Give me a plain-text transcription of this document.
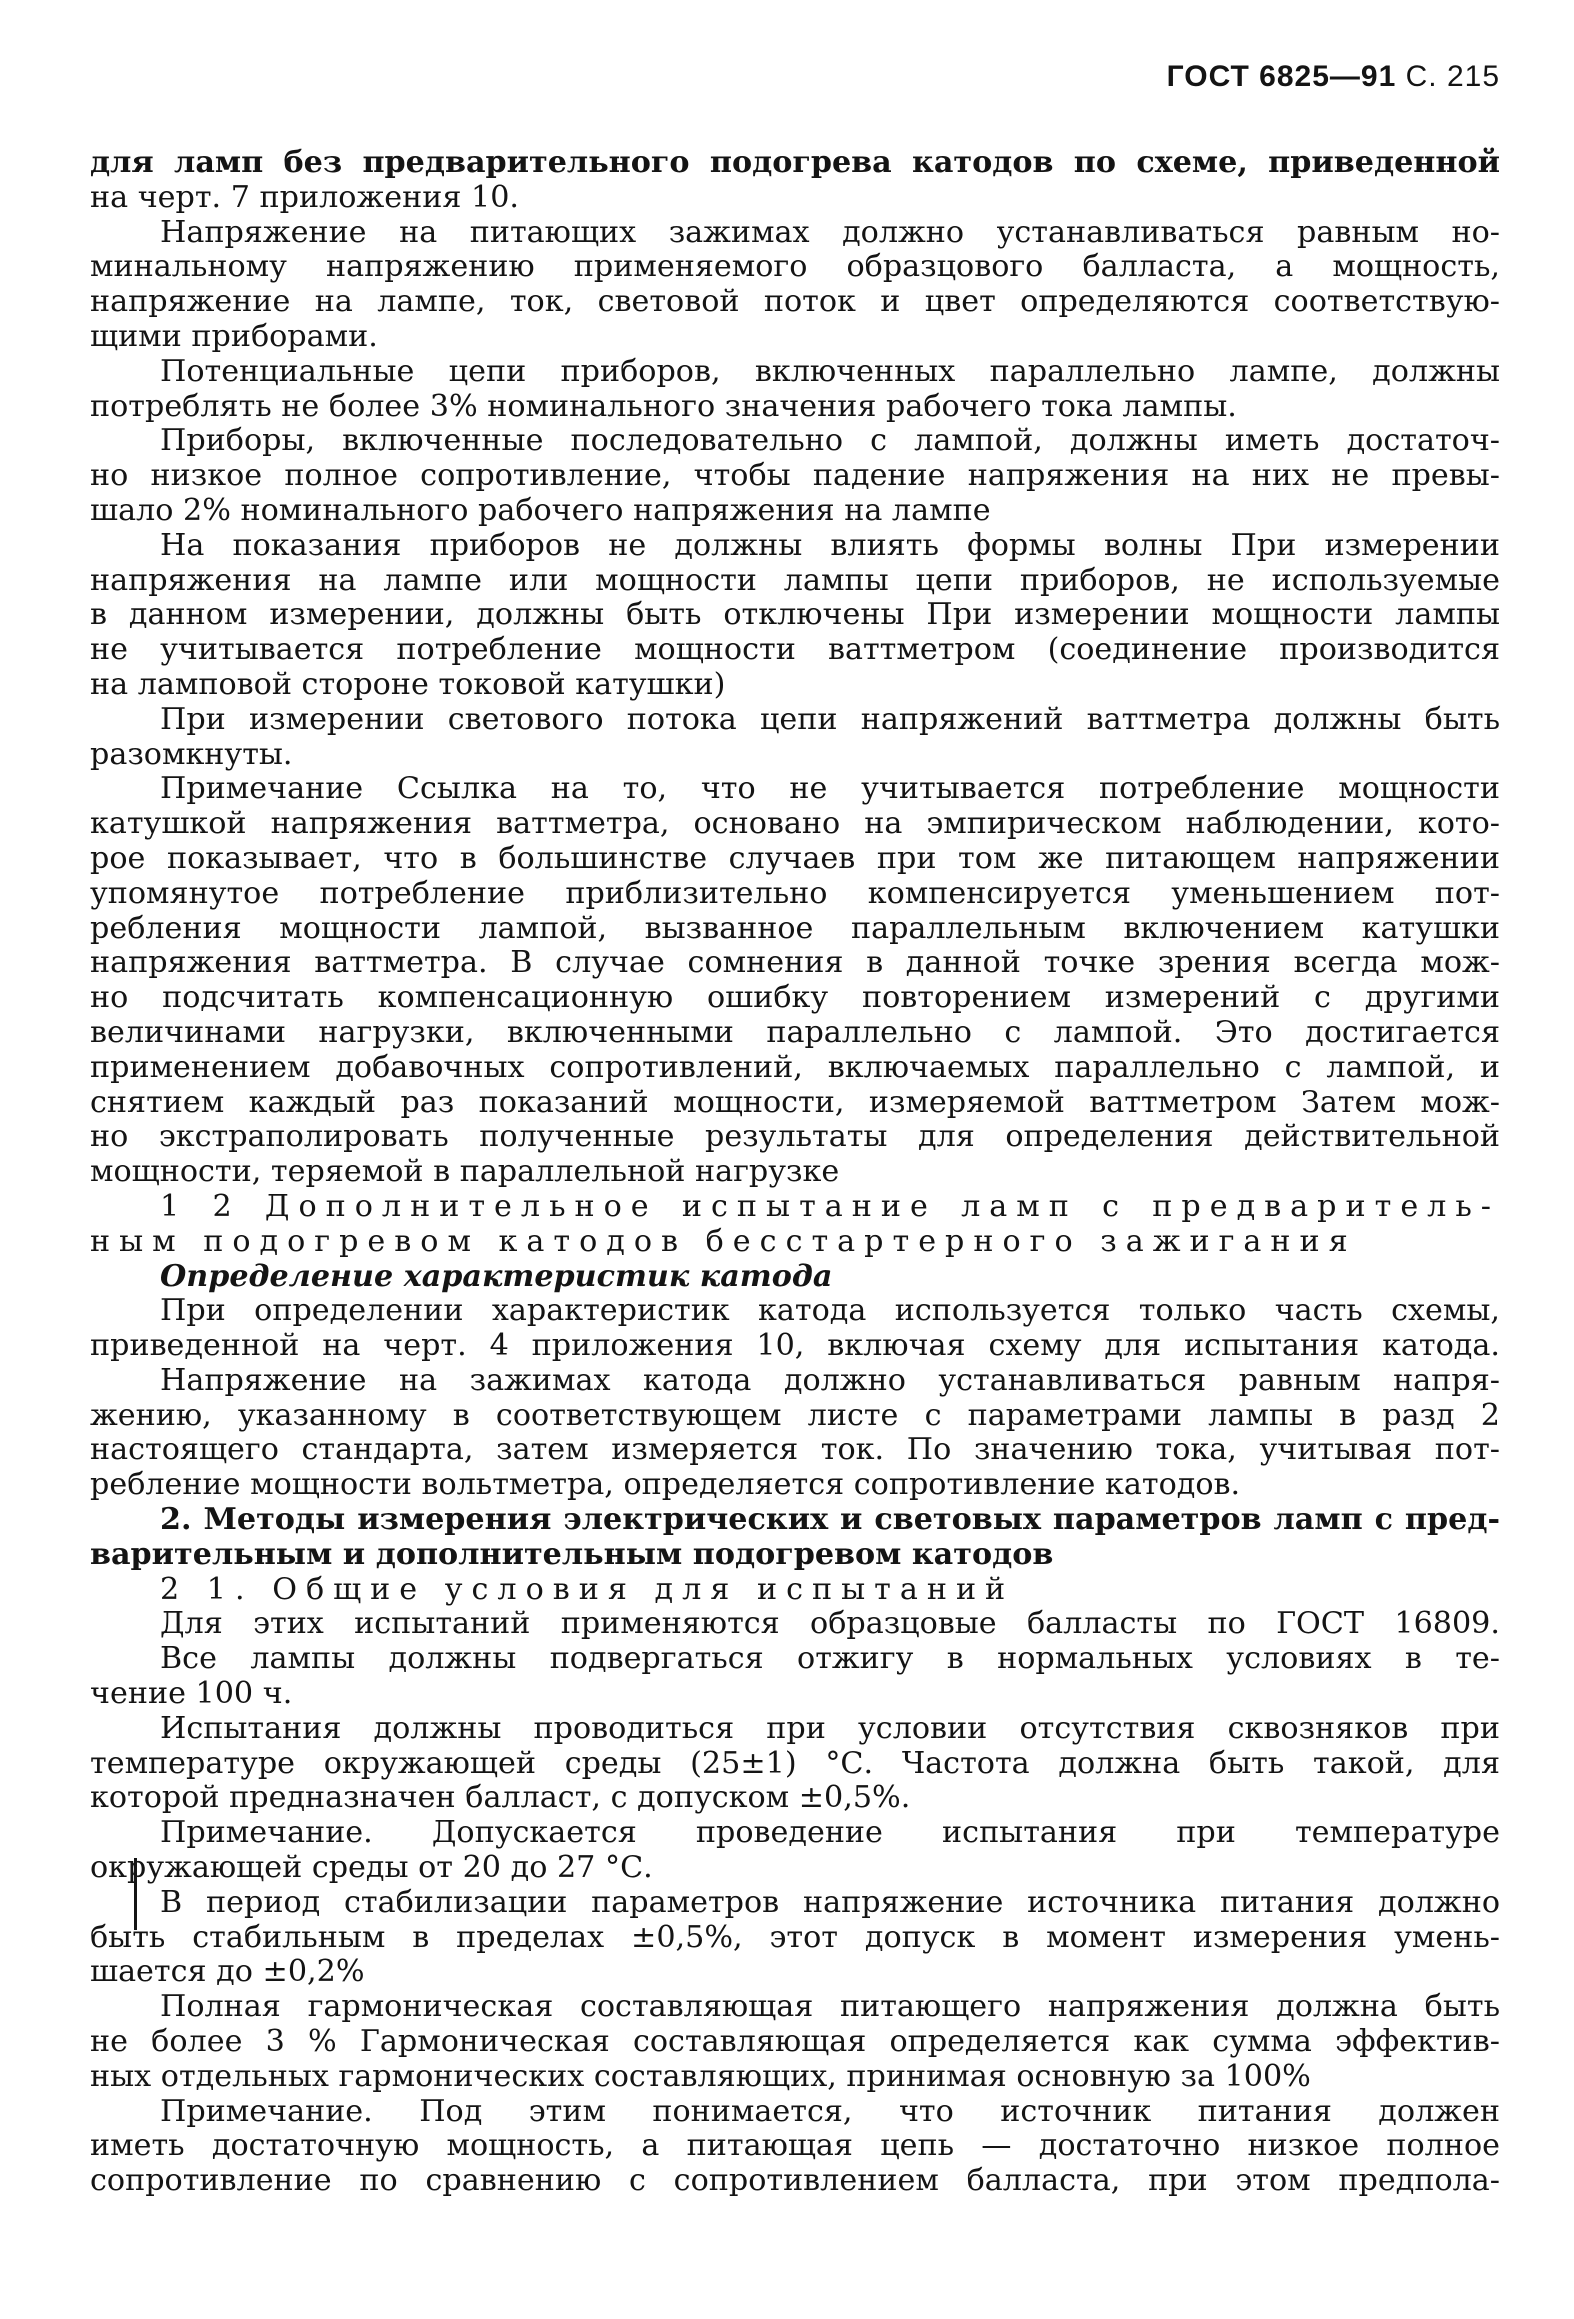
ГОСТ 6825—91 С. 215
для ламп без предварительного подогрева катодов по схеме, приведенной
на черт. 7 приложения 10.
Напряжение на питающих зажимах должно устанавливаться равным но-
минальному напряжению применяемого образцового балласта, а мощность,
напряжение на лампе, ток, световой поток и цвет определяются соответствую-
щими приборами.
Потенциальные цепи приборов, включенных параллельно лампе, должны
потреблять не более 3% номинального значения рабочего тока лампы.
Приборы, включенные последовательно с лампой, должны иметь достаточ-
но низкое полное сопротивление, чтобы падение напряжения на них не превы-
шало 2% номинального рабочего напряжения на лампе
На показания приборов не должны влиять формы волны При измерении
напряжения на лампе или мощности лампы цепи приборов, не используемые
в данном измерении, должны быть отключены При измерении мощности лампы
не учитывается потребление мощности ваттметром (соединение производится
на ламповой стороне токовой катушки)
При измерении светового потока цепи напряжений ваттметра должны быть
разомкнуты.
Примечание Ссылка на то, что не учитывается потребление мощности
катушкой напряжения ваттметра, основано на эмпирическом наблюдении, кото-
рое показывает, что в большинстве случаев при том же питающем напряжении
упомянутое потребление приблизительно компенсируется уменьшением пот-
ребления мощности лампой, вызванное параллельным включением катушки
напряжения ваттметра. В случае сомнения в данной точке зрения всегда мож-
но подсчитать компенсационную ошибку повторением измерений с другими
величинами нагрузки, включенными параллельно с лампой. Это достигается
применением добавочных сопротивлений, включаемых параллельно с лампой, и
снятием каждый раз показаний мощности, измеряемой ваттметром Затем мож-
но экстраполировать полученные результаты для определения действительной
мощности, теряемой в параллельной нагрузке
1 2 Дополнительное испытание ламп с предваритель-
ным подогревом катодов бесстартерного зажигания
Определение характеристик катода
При определении характеристик катода используется только часть схемы,
приведенной на черт. 4 приложения 10, включая схему для испытания катода.
Напряжение на зажимах катода должно устанавливаться равным напря-
жению, указанному в соответствующем листе с параметрами лампы в разд 2
настоящего стандарта, затем измеряется ток. По значению тока, учитывая пот-
ребление мощности вольтметра, определяется сопротивление катодов.
2. Методы измерения электрических и световых параметров ламп с пред-
варительным и дополнительным подогревом катодов
2 1. Общие условия для испытаний
Для этих испытаний применяются образцовые балласты по ГОСТ 16809.
Все лампы должны подвергаться отжигу в нормальных условиях в те-
чение 100 ч.
Испытания должны проводиться при условии отсутствия сквозняков при
температуре окружающей среды (25±1) °С. Частота должна быть такой, для
которой предназначен балласт, с допуском ±0,5%.
Примечание. Допускается проведение испытания при температуре
окружающей среды от 20 до 27 °С.
В период стабилизации параметров напряжение источника питания должно
быть стабильным в пределах ±0,5%, этот допуск в момент измерения умень-
шается до ±0,2%
Полная гармоническая составляющая питающего напряжения должна быть
не более 3 % Гармоническая составляющая определяется как сумма эффектив-
ных отдельных гармонических составляющих, принимая основную за 100%
Примечание. Под этим понимается, что источник питания должен
иметь достаточную мощность, а питающая цепь — достаточно низкое полное
сопротивление по сравнению с сопротивлением балласта, при этом предпола-
